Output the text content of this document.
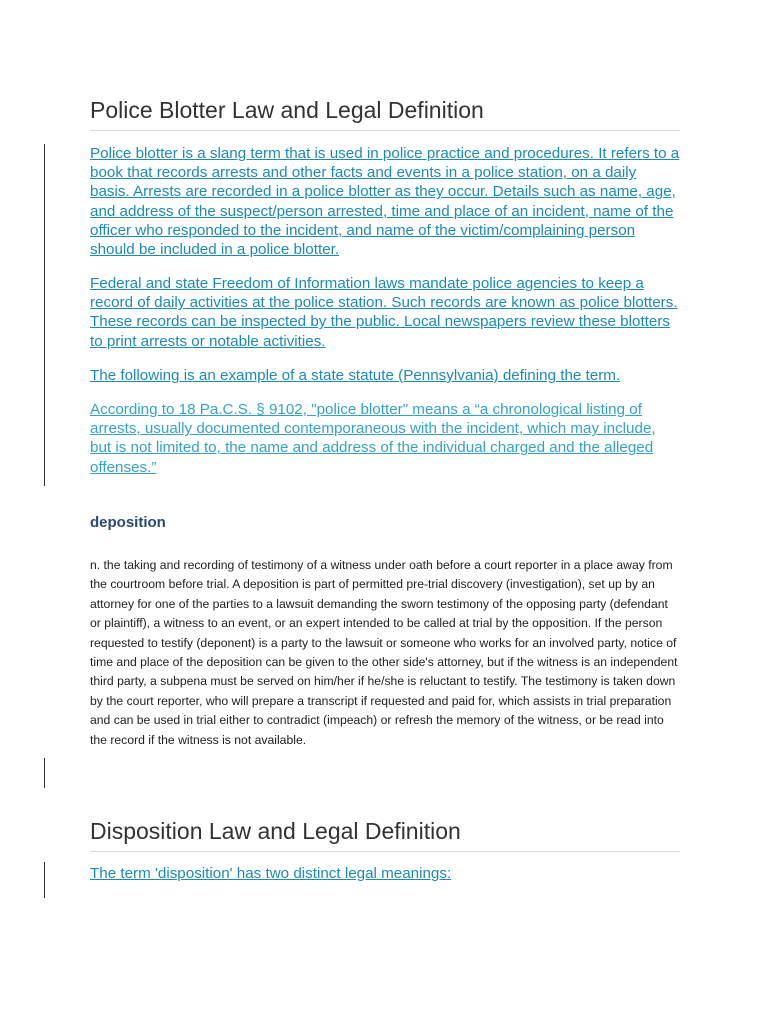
Police Blotter Law and Legal Definition

Police blotter is a slang term that is used in police practice and procedures. It refers to a book that records arrests and other facts and events in a police station, on a daily basis. Arrests are recorded in a police blotter as they occur. Details such as name, age, and address of the suspect/person arrested, time and place of an incident, name of the officer who responded to the incident, and name of the victim/complaining person should be included in a police blotter.

Federal and state Freedom of Information laws mandate police agencies to keep a record of daily activities at the police station. Such records are known as police blotters. These records can be inspected by the public. Local newspapers review these blotters to print arrests or notable activities.

The following is an example of a state statute (Pennsylvania) defining the term.

According to 18 Pa.C.S. § 9102, "police blotter" means a “a chronological listing of arrests, usually documented contemporaneous with the incident, which may include, but is not limited to, the name and address of the individual charged and the alleged offenses.”

deposition

n. the taking and recording of testimony of a witness under oath before a court reporter in a place away from the courtroom before trial. A deposition is part of permitted pre-trial discovery (investigation), set up by an attorney for one of the parties to a lawsuit demanding the sworn testimony of the opposing party (defendant or plaintiff), a witness to an event, or an expert intended to be called at trial by the opposition. If the person requested to testify (deponent) is a party to the lawsuit or someone who works for an involved party, notice of time and place of the deposition can be given to the other side's attorney, but if the witness is an independent third party, a subpena must be served on him/her if he/she is reluctant to testify. The testimony is taken down by the court reporter, who will prepare a transcript if requested and paid for, which assists in trial preparation and can be used in trial either to contradict (impeach) or refresh the memory of the witness, or be read into the record if the witness is not available.

Disposition Law and Legal Definition

The term 'disposition' has two distinct legal meanings:
